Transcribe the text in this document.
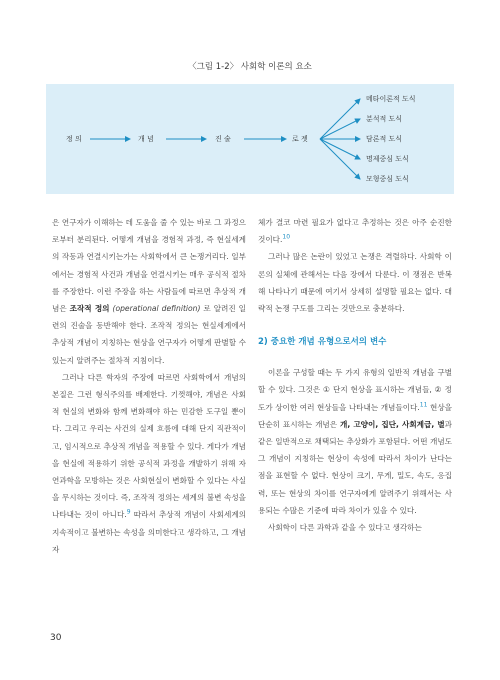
〈그림 1-2〉 사회학 이론의 요소
정 의	개 념	진 술	로 젯
메타이론적 도식
분석적 도식
담론적 도식
명제중심 도식
모형중심 도식

은 연구자가 이해하는 데 도움을 줄 수 있는 바로 그 과정으로부터 분리된다. 어떻게 개념을 경험적 과정, 즉 현실세계의 작동과 연결시키는가는 사회학에서 큰 논쟁거리다. 일부에서는 경험적 사건과 개념을 연결시키는 매우 공식적 절차를 주장한다. 이런 주장을 하는 사람들에 따르면 추상적 개념은 조작적 정의 (operational definition) 로 알려진 일련의 진술을 동반해야 한다. 조작적 정의는 현실세계에서 추상적 개념이 지칭하는 현상을 연구자가 어떻게 판별할 수 있는지 알려주는 절차적 지침이다.

그러나 다른 학자의 주장에 따르면 사회학에서 개념의 본질은 그런 형식주의를 배제한다. 기껏해야, 개념은 사회적 현실의 변화와 함께 변화해야 하는 민감한 도구일 뿐이다. 그리고 우리는 사건의 실제 흐름에 대해 단지 직관적이고, 임시적으로 추상적 개념을 적용할 수 있다. 게다가 개념을 현실에 적용하기 위한 공식적 과정을 개발하기 위해 자연과학을 모방하는 것은 사회현실이 변화할 수 있다는 사실을 무시하는 것이다. 즉, 조작적 정의는 세계의 불변 속성을 나타내는 것이 아니다.$^9$ 따라서 추상적 개념이 사회세계의 지속적이고 불변하는 속성을 의미한다고 생각하고, 그 개념 자

체가 결코 마련 필요가 없다고 추정하는 것은 아주 순진한 것이다.$^{10}$

그러나 많은 논란이 있었고 논쟁은 격렬하다. 사회학 이론의 실체에 관해서는 다음 장에서 다룬다. 이 쟁점은 반복해 나타나기 때문에 여기서 상세히 설명할 필요는 없다. 대략적 논쟁 구도를 그리는 것만으로 충분하다.

2) 중요한 개념 유형으로서의 변수

이론을 구성할 때는 두 가지 유형의 일반적 개념을 구별할 수 있다. 그것은 ① 단지 현상을 표시하는 개념들, ② 정도가 상이한 여러 현상들을 나타내는 개념들이다.$^{11}$ 현상을 단순히 표시하는 개념은 개, 고양이, 집단, 사회계급, 별과 같은 일반적으로 채택되는 추상화가 포함된다. 어떤 개념도 그 개념이 지칭하는 현상이 속성에 따라서 차이가 난다는 점을 표현할 수 없다. 현상이 크기, 무게, 밀도, 속도, 응집력, 또는 현상의 차이를 연구자에게 알려주기 위해서는 사용되는 수많은 기준에 따라 차이가 있을 수 있다.

사회학이 다른 과학과 같을 수 있다고 생각하는

30
